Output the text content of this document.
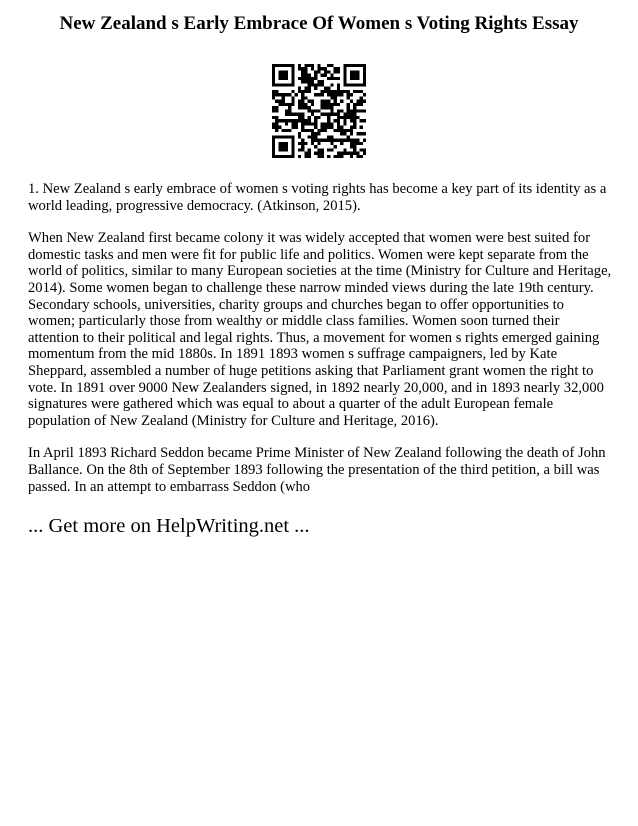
New Zealand s Early Embrace Of Women s Voting Rights Essay

1. New Zealand s early embrace of women s voting rights has become a key part of its identity as a world leading, progressive democracy. (Atkinson, 2015).

When New Zealand first became colony it was widely accepted that women were best suited for domestic tasks and men were fit for public life and politics. Women were kept separate from the world of politics, similar to many European societies at the time (Ministry for Culture and Heritage, 2014). Some women began to challenge these narrow minded views during the late 19th century. Secondary schools, universities, charity groups and churches began to offer opportunities to women; particularly those from wealthy or middle class families. Women soon turned their attention to their political and legal rights. Thus, a movement for women s rights emerged gaining momentum from the mid 1880s. In 1891 1893 women s suffrage campaigners, led by Kate Sheppard, assembled a number of huge petitions asking that Parliament grant women the right to vote. In 1891 over 9000 New Zealanders signed, in 1892 nearly 20,000, and in 1893 nearly 32,000 signatures were gathered which was equal to about a quarter of the adult European female population of New Zealand (Ministry for Culture and Heritage, 2016).

In April 1893 Richard Seddon became Prime Minister of New Zealand following the death of John Ballance. On the 8th of September 1893 following the presentation of the third petition, a bill was passed. In an attempt to embarrass Seddon (who

... Get more on HelpWriting.net ...
